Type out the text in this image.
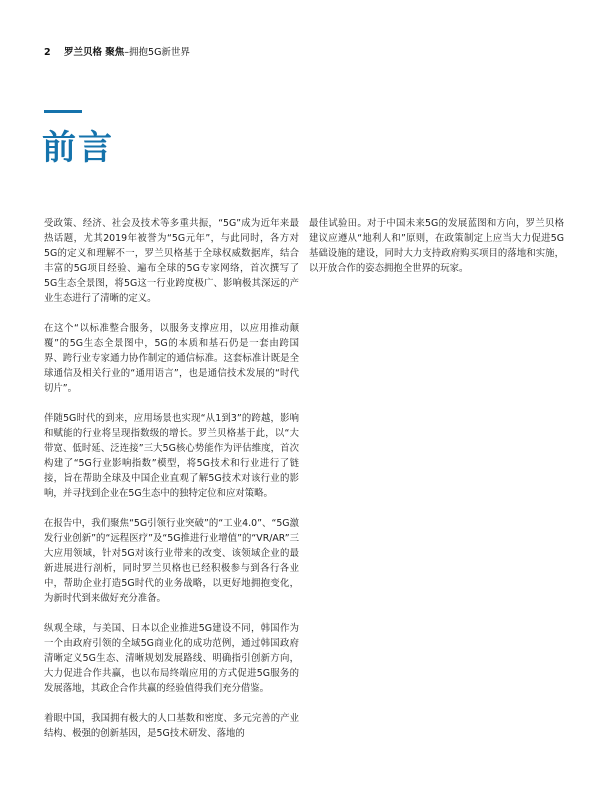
2 罗兰贝格 聚焦–拥抱5G新世界
前言

受政策、经济、社会及技术等多重共振，“5G”成为近年来最热话题，尤其2019年被誉为“5G元年”，与此同时，各方对5G的定义和理解不一，罗兰贝格基于全球权威数据库，结合丰富的5G项目经验、遍布全球的5G专家网络，首次撰写了5G生态全景图，将5G这一行业跨度极广、影响极其深远的产业生态进行了清晰的定义。

在这个“以标准整合服务，以服务支撑应用，以应用推动颠覆”的5G生态全景图中，5G的本质和基石仍是一套由跨国界、跨行业专家通力协作制定的通信标准。这套标准计既是全球通信及相关行业的“通用语言”，也是通信技术发展的“时代切片”。

伴随5G时代的到来，应用场景也实现“从1到3”的跨越，影响和赋能的行业将呈现指数级的增长。罗兰贝格基于此，以“大带宽、低时延、泛连接”三大5G核心势能作为评估维度，首次构建了“5G行业影响指数”模型，将5G技术和行业进行了链接，旨在帮助全球及中国企业直观了解5G技术对该行业的影响，并寻找到企业在5G生态中的独特定位和应对策略。

在报告中，我们聚焦“5G引领行业突破”的“工业4.0”、“5G激发行业创新”的“远程医疗”及“5G推进行业增值”的“VR/AR”三大应用领域，针对5G对该行业带来的改变、该领域企业的最新进展进行剖析，同时罗兰贝格也已经积极参与到各行各业中，帮助企业打造5G时代的业务战略，以更好地拥抱变化，为新时代到来做好充分准备。

纵观全球，与美国、日本以企业推进5G建设不同，韩国作为一个由政府引领的全域5G商业化的成功范例，通过韩国政府清晰定义5G生态、清晰规划发展路线、明确指引创新方向，大力促进合作共赢，也以布局终端应用的方式促进5G服务的发展落地，其政企合作共赢的经验值得我们充分借鉴。

着眼中国，我国拥有极大的人口基数和密度、多元完善的产业结构、极强的创新基因，是5G技术研发、落地的

最佳试验田。对于中国未来5G的发展蓝图和方向，罗兰贝格建议应遵从“地利人和”原则，在政策制定上应当大力促进5G基础设施的建设，同时大力支持政府购买项目的落地和实施，以开放合作的姿态拥抱全世界的玩家。
